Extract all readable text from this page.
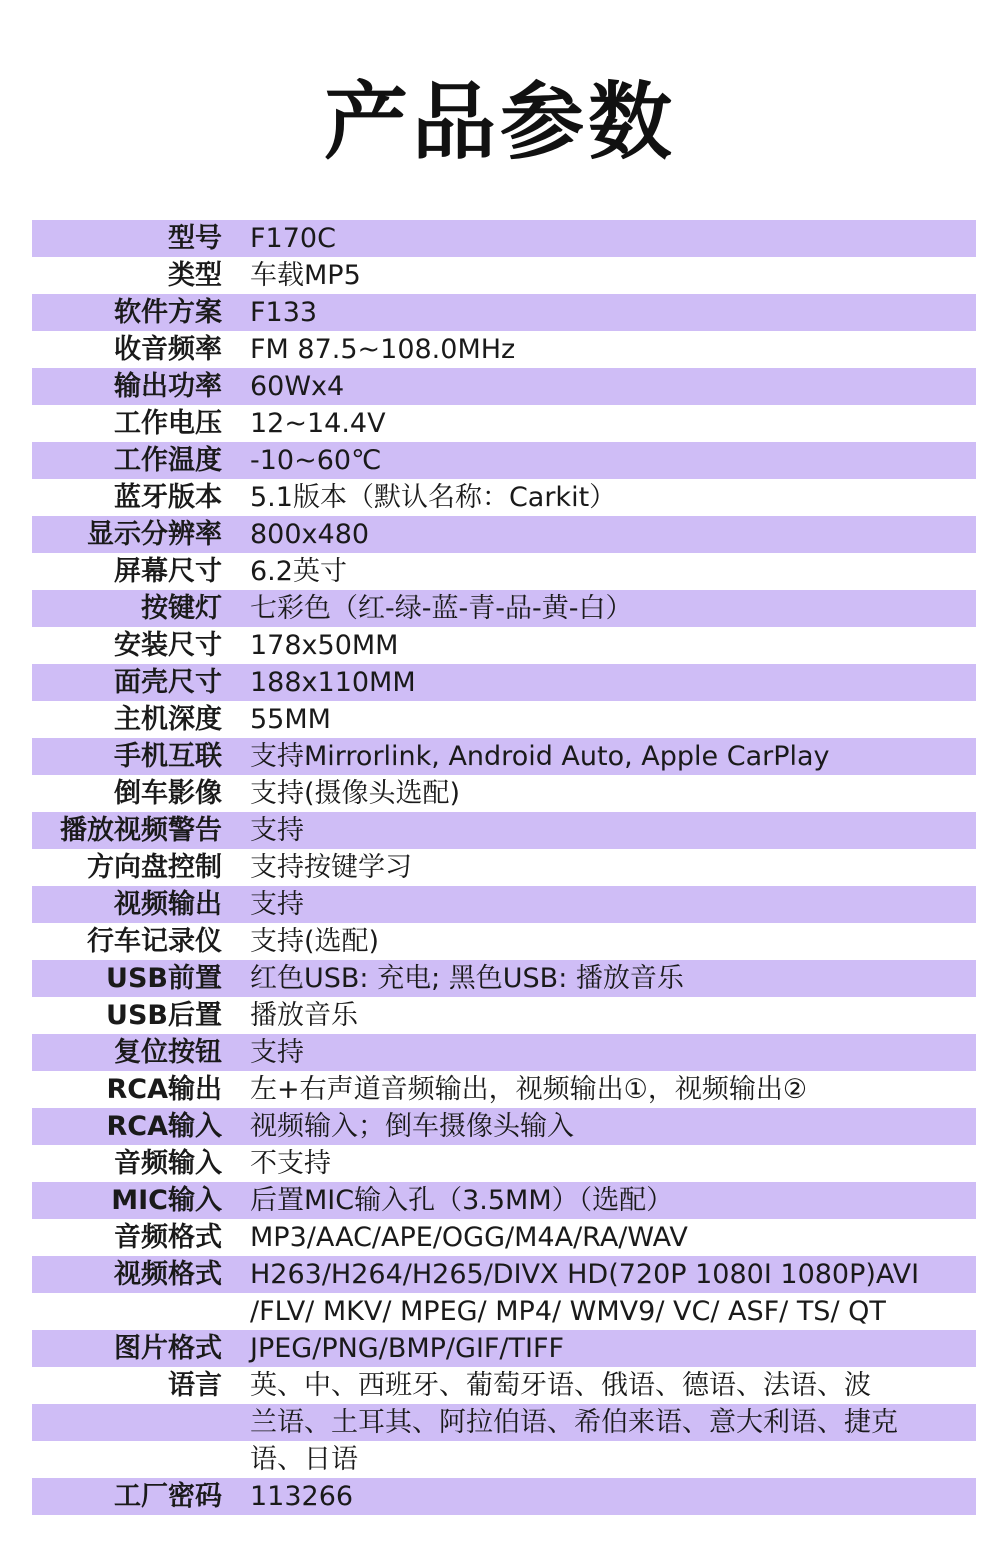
产品参数
型号 F170C
类型 车载MP5
软件方案 F133
收音频率 FM 87.5~108.0MHz
输出功率 60Wx4
工作电压 12~14.4V
工作温度 -10~60℃
蓝牙版本 5.1版本（默认名称：Carkit）
显示分辨率 800x480
屏幕尺寸 6.2英寸
按键灯 七彩色（红-绿-蓝-青-品-黄-白）
安装尺寸 178x50MM
面壳尺寸 188x110MM
主机深度 55MM
手机互联 支持Mirrorlink, Android Auto, Apple CarPlay
倒车影像 支持(摄像头选配)
播放视频警告 支持
方向盘控制 支持按键学习
视频输出 支持
行车记录仪 支持(选配)
USB前置 红色USB: 充电; 黑色USB: 播放音乐
USB后置 播放音乐
复位按钮 支持
RCA输出 左+右声道音频输出，视频输出①，视频输出②
RCA输入 视频输入；倒车摄像头输入
音频输入 不支持
MIC输入 后置MIC输入孔（3.5MM）（选配）
音频格式 MP3/AAC/APE/OGG/M4A/RA/WAV
视频格式 H263/H264/H265/DIVX HD(720P 1080I 1080P)AVI
/FLV/ MKV/ MPEG/ MP4/ WMV9/ VC/ ASF/ TS/ QT
图片格式 JPEG/PNG/BMP/GIF/TIFF
语言 英、中、西班牙、葡萄牙语、俄语、德语、法语、波
兰语、土耳其、阿拉伯语、希伯来语、意大利语、捷克
语、日语
工厂密码 113266
